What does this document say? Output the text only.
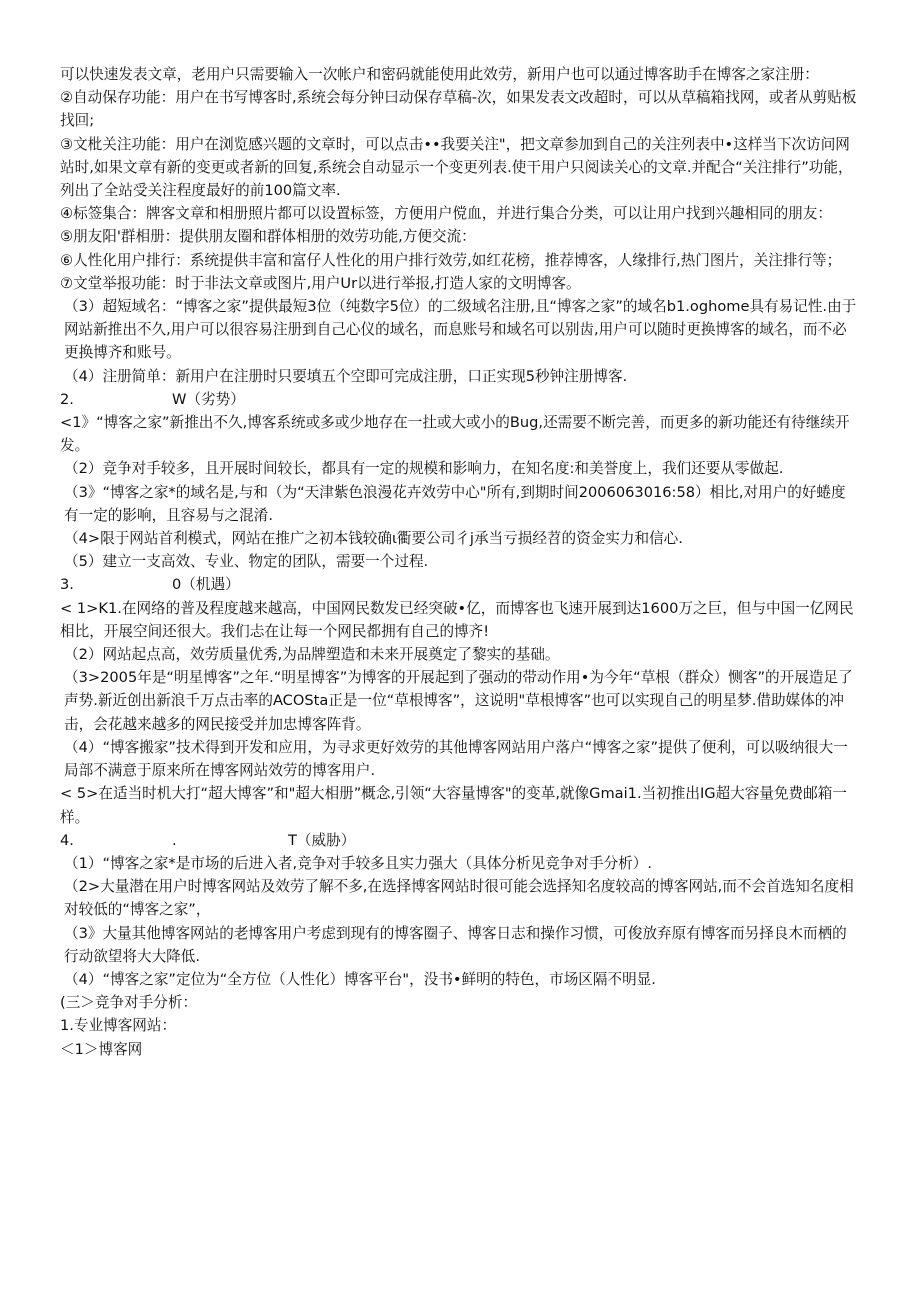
可以快速发表文章，老用户只需要输入一次帐户和密码就能使用此效劳，新用户也可以通过博客助手在博客之家注册：

②自动保存功能：用户在书写博客时,系统会每分钟曰动保存草稿-次，如果发表文改超时，可以从草稿箱找网，或者从剪贴板找回;

③文枇关注功能：用户在浏览感兴题的文章时，可以点击••我要关注"，把文章参加到自己的关注列表中•这样当下次访问网站时,如果文章有新的变更或者新的回复,系统会自动显示一个变更列表.使干用户只阅读关心的文章.并配合“关注排行”功能，列出了全站受关注程度最好的前100篇文率.

④标签集合：牌客文章和相册照片都可以设置标签，方便用户傥血，并进行集合分类，可以让用户找到兴趣相同的朋友：

⑤朋友阳'群相册：提供朋友圈和群体相册的效劳功能,方便交流：

⑥人性化用户排行：系统提供丰富和富仔人性化的用户排行效劳,如红花榜，推荐博客，人缘排行,热门图片，关注排行等；

⑦文堂举报功能：时于非法文章或图片,用户Ur以进行举报,打造人家的文明博客。

（3）超短域名：“博客之家”提供最短3位（纯数字5位）的二级域名注册,且“博客之家”的域名b1.oghome具有易记性.由于网站新推出不久,用户可以很容易注册到自己心仪的域名，而息账号和域名可以别齿,用户可以随时更换博客的域名，而不必更换博齐和账号。

（4）注册简单：新用户在注册时只要填五个空即可完成注册，口正实现5秒钟注册博客.

2.	W（劣势）

<1》“博客之家”新推出不久,博客系统或多或少地存在一扗或大或小的Bug,还需要不断完善，而更多的新功能还有待继续开发。

（2）竞争对手较多，且开展时间较长，都具有一定的规模和影响力，在知名度:和美誉度上，我们还要从零做起.

（3》“博客之家*的域名是,与和（为“天津紫色浪漫花卉效劳中心"所有,到期时间2006063016:58）相比,对用户的好蜷度有一定的影响，且容易与之混淆.

（4>限于网站首利模式，网站在推广之初本钱较确ι衢要公司彳j承当亏损经苕的资金实力和信心.

（5）建立一支高效、专业、物定的团队，需要一个过程.

3.	0（机遇）

< 1>K1.在网络的普及程度越来越高，中国网民数发已经突破•亿，而博客也飞速开展到达1600万之巨，但与中国一亿网民相比，开展空间还很大。我们忐在让每一个网民都拥有自己的博齐!

（2）网站起点高，效劳质量优秀,为品牌塑造和未来开展奠定了黎实的基础。

（3>2005年是“明星博客”之年.“明星博客”为博客的开展起到了强动的带动作用•为今年“草根（群众）恻客”的开展造足了声势.新近创出新浪千万点击率的ACOSta正是一位“草根博客”，这说明"草根博客”也可以实现自己的明星梦.借助媒体的冲击，会花越来越多的网民接受并加忠博客阵背。

（4）“博客搬家”技术得到开发和应用，为寻求更好效劳的其他博客网站用户落户“博客之家”提供了便利，可以吸纳很大一局部不满意于原来所在博客网站效劳的博客用户.

< 5>在适当时机大打“超大博客”和"超大相册”概念,引领“大容量博客"的变革,就像Gmai1.当初推出IG超大容量免费邮箱一样。

4.	.	T（威胁）

（1）“博客之家*是市场的后进入者,竞争对手较多且实力强大（具体分析见竞争对手分析）.

（2>大量潜在用户时博客网站及效劳了解不多,在选择博客网站时很可能会选择知名度较高的博客网站,而不会首选知名度相对较低的“博客之家”，

（3》大量其他博客网站的老博客用户考虑到现有的博客圈子、博客日志和操作习惯，可俊放弃原有博客而另择良木而栖的行动欲望将大大降低.

（4）“博客之家”定位为“全方位（人性化）博客平台"，没书•鲜明的特色，市场区隔不明显.

(三＞竞争对手分析：

1.专业博客网站：

＜1＞博客网
